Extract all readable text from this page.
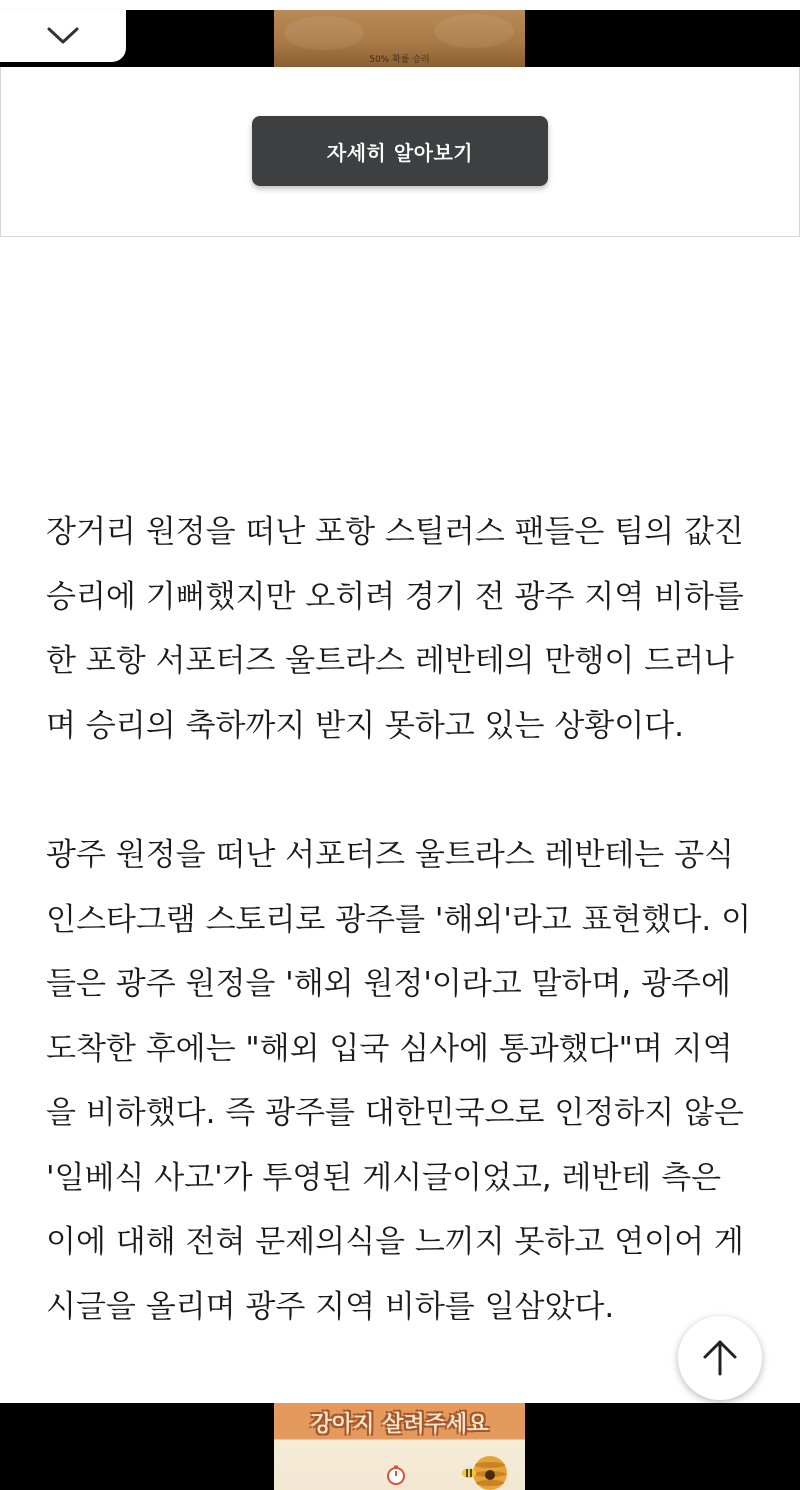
50% 확률 승리
자세히 알아보기

장거리 원정을 떠난 포항 스틸러스 팬들은 팀의 값진 승리에 기뻐했지만 오히려 경기 전 광주 지역 비하를 한 포항 서포터즈 울트라스 레반테의 만행이 드러나며 승리의 축하까지 받지 못하고 있는 상황이다.

광주 원정을 떠난 서포터즈 울트라스 레반테는 공식 인스타그램 스토리로 광주를 '해외'라고 표현했다. 이들은 광주 원정을 '해외 원정'이라고 말하며, 광주에 도착한 후에는 "해외 입국 심사에 통과했다"며 지역을 비하했다. 즉 광주를 대한민국으로 인정하지 않은 '일베식 사고'가 투영된 게시글이었고, 레반테 측은 이에 대해 전혀 문제의식을 느끼지 못하고 연이어 게시글을 올리며 광주 지역 비하를 일삼았다.

강아지 살려주세요
